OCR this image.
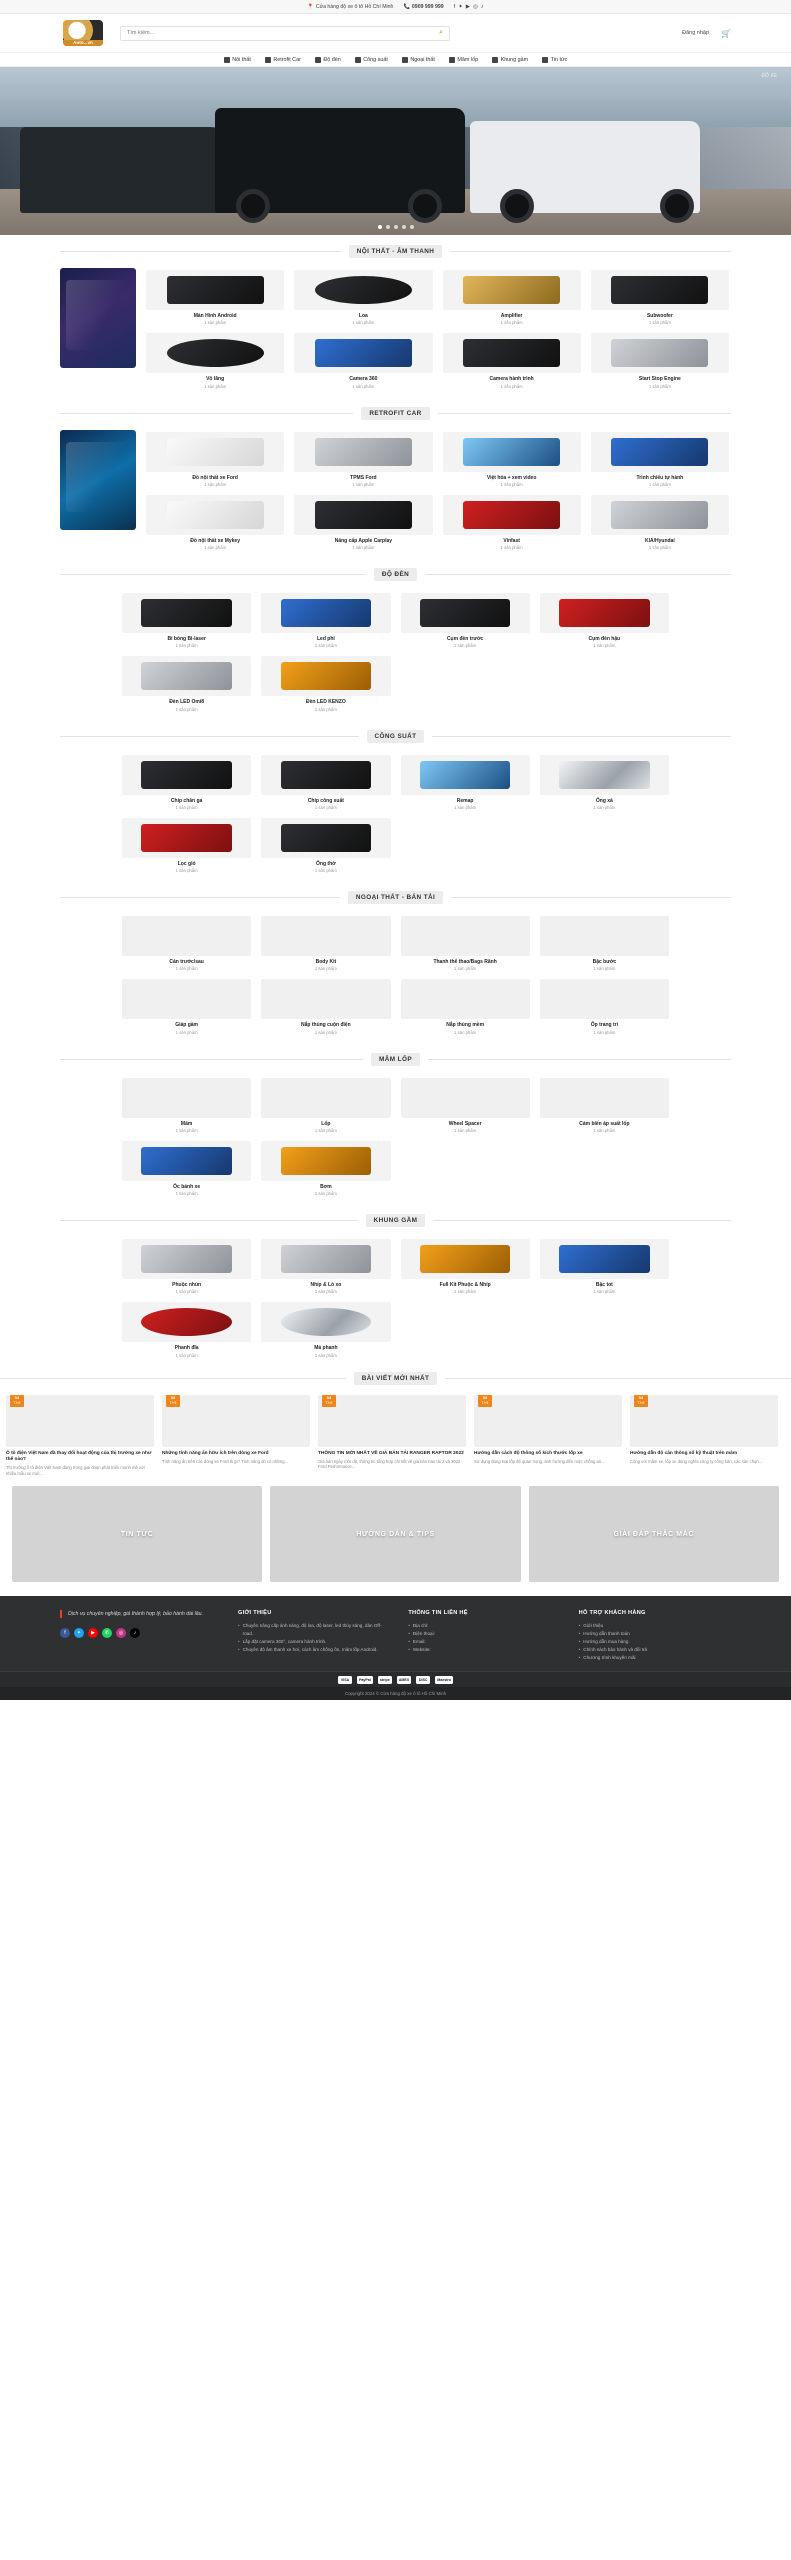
📍 Cửa hàng độ xe ô tô Hồ Chí Minh 📞 0909 999 999 f ✦ ▶ ◎ ♪
Auto...vn
Tìm kiếm...
⌕	Đăng nhập 🛒
Nội thất	Retrofit Car	Độ đèn	Công suất	Ngoại thất	Mâm lốp	Khung gầm	Tin tức
ĐỘ XE
NỘI THẤT - ÂM THANH
Màn Hình Android
1 sản phẩm
Loa
1 sản phẩm
Amplifier
1 sản phẩm
Subwoofer
1 sản phẩm
Vô lăng
1 sản phẩm
Camera 360
1 sản phẩm
Camera hành trình
1 sản phẩm
Start Stop Engine
1 sản phẩm
RETROFIT CAR
Đồ nội thất xe Ford
1 sản phẩm
TPMS Ford
1 sản phẩm
Việt hóa + xem video
1 sản phẩm
Trình chiếu tự hành
1 sản phẩm
Đồ nội thất xe Mykey
1 sản phẩm
Nâng cấp Apple Carplay
1 sản phẩm
Vinfast
1 sản phẩm
KIA/Hyundai
1 sản phẩm
ĐỘ ĐÈN
Bi bóng Bi-laser
1 sản phẩm
Led phi
1 sản phẩm
Cụm đèn trước
1 sản phẩm
Cụm đèn hậu
1 sản phẩm
Đèn LED Omi8
1 sản phẩm
Đèn LED KENZO
1 sản phẩm
CÔNG SUẤT
Chip chân ga
1 sản phẩm
Chip công suất
1 sản phẩm
Remap
1 sản phẩm
Ống xả
1 sản phẩm
Lọc gió
1 sản phẩm
Ống thở
1 sản phẩm
NGOẠI THẤT - BÁN TẢI
Cản trước/sau
1 sản phẩm
Body Kit
1 sản phẩm
Thanh thể thao/Bags Rãnh
1 sản phẩm
Bậc bước
1 sản phẩm
Giáp gầm
1 sản phẩm
Nắp thùng cuộn điện
1 sản phẩm
Nắp thùng mềm
1 sản phẩm
Ốp trang trí
1 sản phẩm
MÂM LỐP
Mâm
1 sản phẩm
Lốp
1 sản phẩm
Wheel Spacer
1 sản phẩm
Cảm biến áp suất lốp
1 sản phẩm
Ốc bánh xe
1 sản phẩm
Bơm
1 sản phẩm
KHUNG GẦM
Phuộc nhún
1 sản phẩm
Nhíp & Lò xo
1 sản phẩm
Full Kit Phuộc & Nhíp
1 sản phẩm
Bậc tot
1 sản phẩm
Phanh đĩa
1 sản phẩm
Má phanh
1 sản phẩm
BÀI VIẾT MỚI NHẤT
03
TH1
Ô tô điện Việt Nam đã thay đổi hoạt động của thị trường xe như thế nào?
Thị trường ô tô điện Việt Nam đang trong giai đoạn phát triển mạnh mẽ với nhiều mẫu xe mới...
03
TH1
Những tính năng ẩn hữu ích trên dòng xe Ford
Tính năng ẩn trên các dòng xe Ford là gì? Tính năng đó có những...
03
TH1
THÔNG TIN MỚI NHẤT VỀ GIÁ BÁN TẢI RANGER RAPTOR 2022
Giá bán ngày mới độ, thông tin tổng hợp chi tiết về giá bán bán tải 2 và 2022 Ford Performance...
03
TH1
Hướng dẫn cách độ thông số kích thước lốp xe
Sử dụng đúng loại lốp để quan trọng, ảnh hưởng đến mức chống an...
03
TH1
Hướng dẫn độ cản thông số kỹ thuật trên mâm
Công với mâm xe, lốp xe dùng nghĩa công ty công bản, các sản chọn...
TIN TỨC	HƯỚNG DẪN & TIPS	GIẢI ĐÁP THẮC MẮC
Dịch vụ chuyên nghiệp, giá thành hợp lý, bảo hành dài lâu.
f	✦	▶	✆	◎	♪
GIỚI THIỆU
• Chuyên nâng cấp ánh sáng, độ loa, độ laser, led thủy sáng, dàn Off-road.
• Lắp đặt camera 360°, camera hành trình.
• Chuyên độ âm thanh xe hơi, cách âm chống ồn, mâm lốp Android.
THÔNG TIN LIÊN HỆ
• Địa chỉ:
• Điện thoại:
• Email:
• Website:
HỖ TRỢ KHÁCH HÀNG
• Giới thiệu
• Hướng dẫn thanh toán
• Hướng dẫn mua hàng
• Chính sách bảo hành và đổi trả
• Chương trình khuyến mãi
VISA	PayPal	stripe	AMEX	DISC	Maestro
Copyright 2024 © Cửa hàng độ xe ô tô Hồ Chí Minh
